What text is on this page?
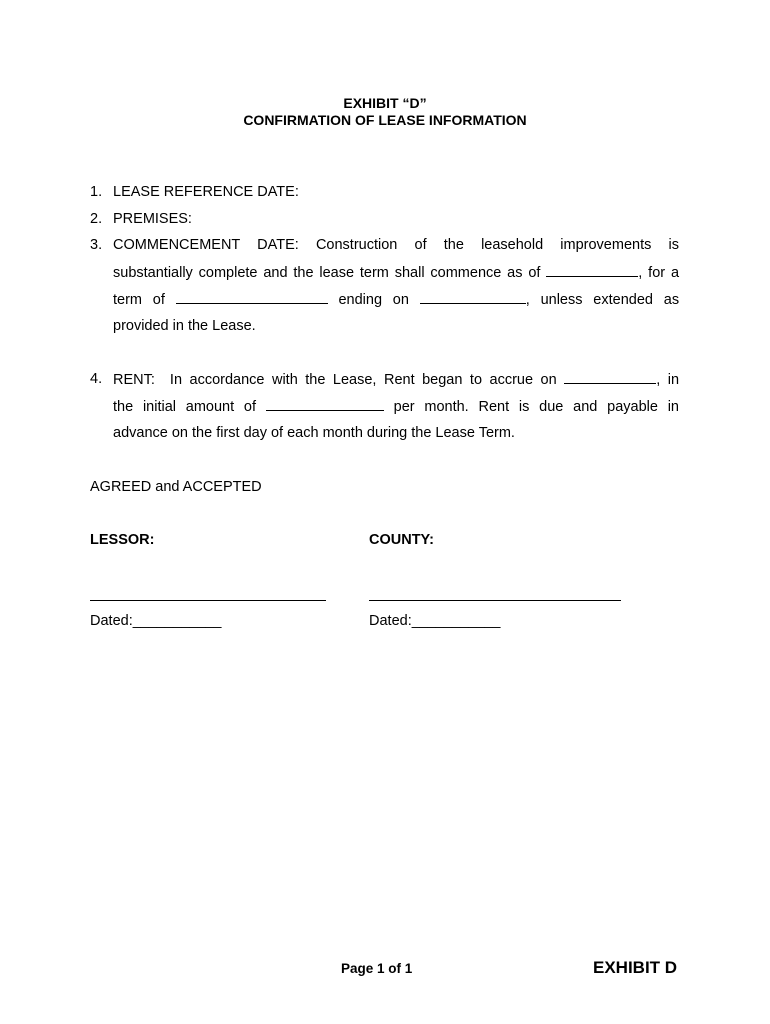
EXHIBIT “D”
CONFIRMATION OF LEASE INFORMATION
1. LEASE REFERENCE DATE:
2. PREMISES:
3. COMMENCEMENT DATE: Construction of the leasehold improvements is
substantially complete and the lease term shall commence as of	, for a
term of	ending on	, unless extended as
provided in the Lease.
4. RENT: In accordance with the Lease, Rent began to accrue on	, in
the initial amount of	per month. Rent is due and payable in
advance on the first day of each month during the Lease Term.
AGREED and ACCEPTED
LESSOR:	COUNTY:
Dated:___________	Dated:___________
Page 1 of 1	EXHIBIT D
